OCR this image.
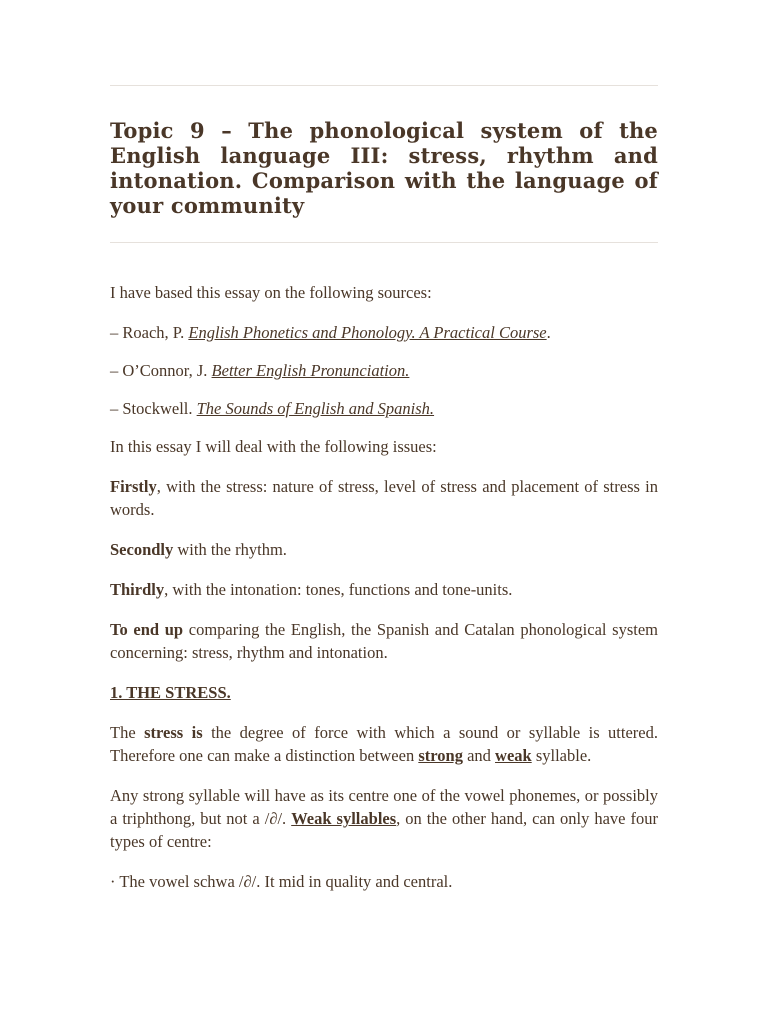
Topic 9 – The phonological system of the English language III: stress, rhythm and intonation. Comparison with the language of your community

I have based this essay on the following sources:

– Roach, P. English Phonetics and Phonology. A Practical Course.

– O’Connor, J. Better English Pronunciation.

– Stockwell. The Sounds of English and Spanish.

In this essay I will deal with the following issues:

Firstly, with the stress: nature of stress, level of stress and placement of stress in words.

Secondly with the rhythm.

Thirdly, with the intonation: tones, functions and tone-units.

To end up comparing the English, the Spanish and Catalan phonological system concerning: stress, rhythm and intonation.

1. THE STRESS.

The stress is the degree of force with which a sound or syllable is uttered. Therefore one can make a distinction between strong and weak syllable.

Any strong syllable will have as its centre one of the vowel phonemes, or possibly a triphthong, but not a /∂/. Weak syllables, on the other hand, can only have four types of centre:

· The vowel schwa /∂/. It mid in quality and central.
